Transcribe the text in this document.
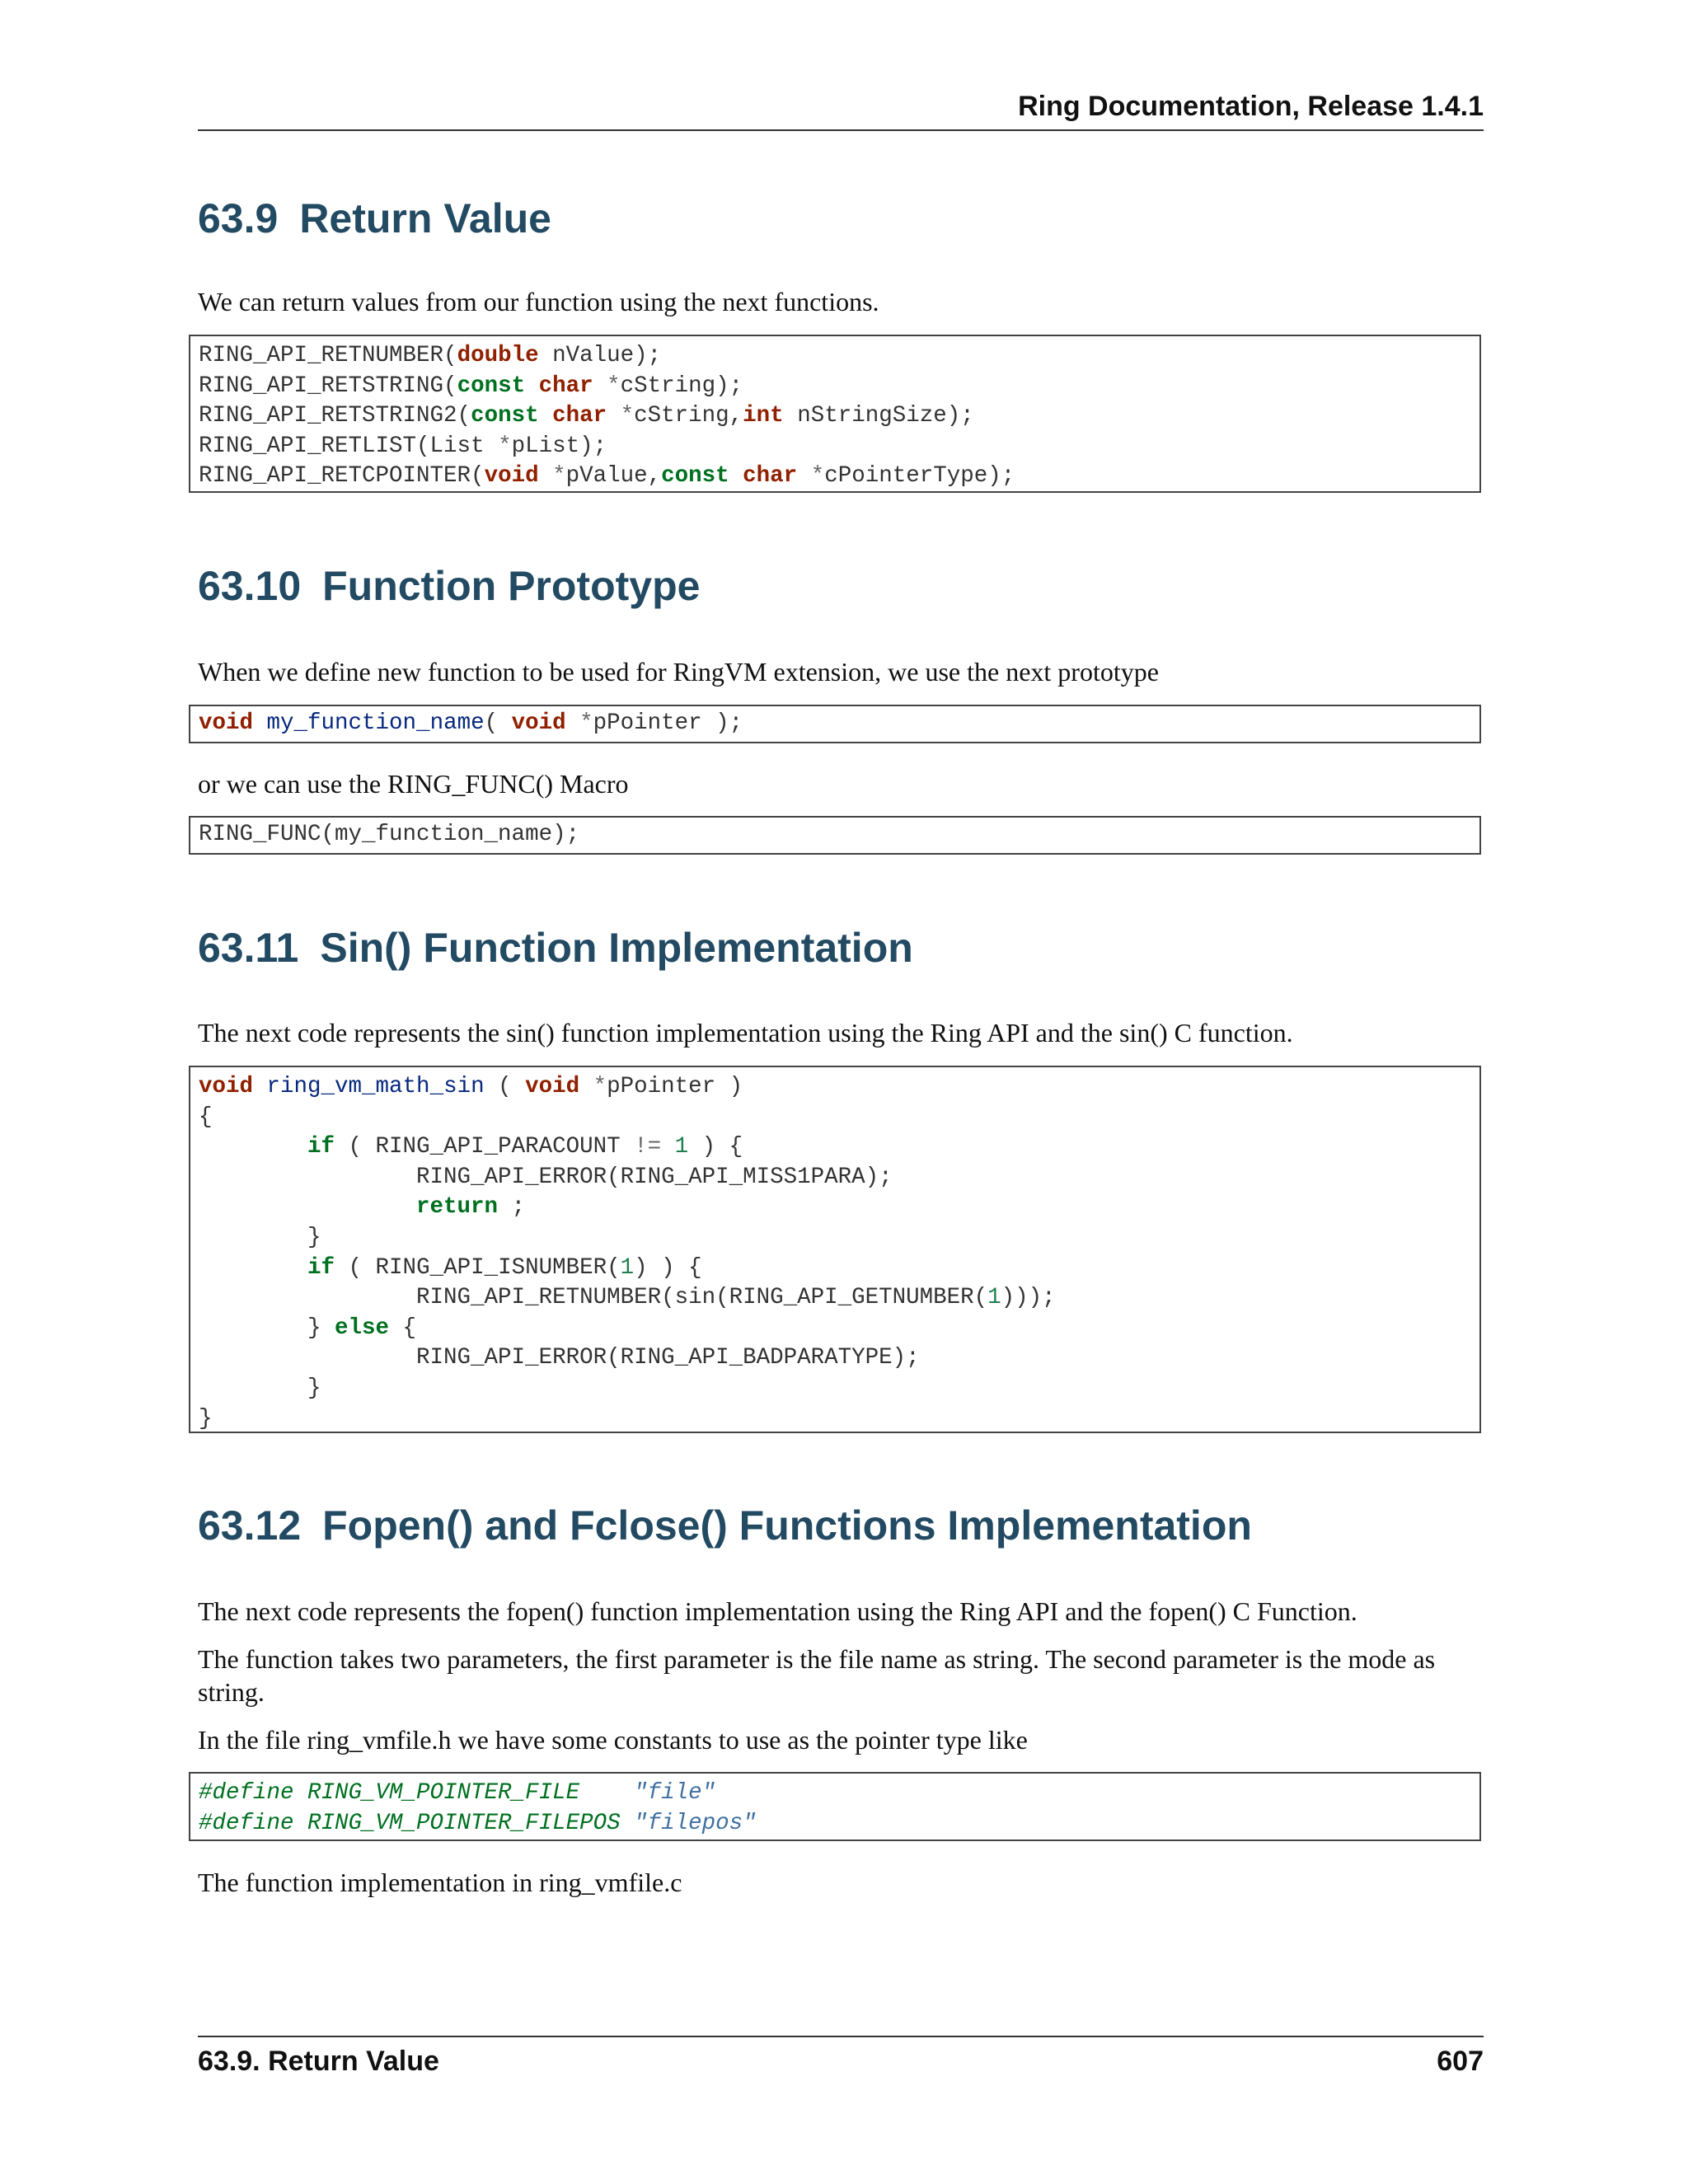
Ring Documentation, Release 1.4.1
63.9 Return Value

We can return values from our function using the next functions.

RING_API_RETNUMBER(double nValue);
RING_API_RETSTRING(const char *cString);
RING_API_RETSTRING2(const char *cString,int nStringSize);
RING_API_RETLIST(List *pList);
RING_API_RETCPOINTER(void *pValue,const char *cPointerType);
63.10 Function Prototype

When we define new function to be used for RingVM extension, we use the next prototype

void my_function_name( void *pPointer );

or we can use the RING_FUNC() Macro

RING_FUNC(my_function_name);
63.11 Sin() Function Implementation

The next code represents the sin() function implementation using the Ring API and the sin() C function.

void ring_vm_math_sin ( void *pPointer )
{
if ( RING_API_PARACOUNT != 1 ) {
RING_API_ERROR(RING_API_MISS1PARA);
return ;
}
if ( RING_API_ISNUMBER(1) ) {
RING_API_RETNUMBER(sin(RING_API_GETNUMBER(1)));
} else {
RING_API_ERROR(RING_API_BADPARATYPE);
}
}
63.12 Fopen() and Fclose() Functions Implementation

The next code represents the fopen() function implementation using the Ring API and the fopen() C Function.

The function takes two parameters, the first parameter is the file name as string. The second parameter is the mode as string.

In the file ring_vmfile.h we have some constants to use as the pointer type like

#define RING_VM_POINTER_FILE    "file"
#define RING_VM_POINTER_FILEPOS "filepos"

The function implementation in ring_vmfile.c

63.9. Return Value	607
